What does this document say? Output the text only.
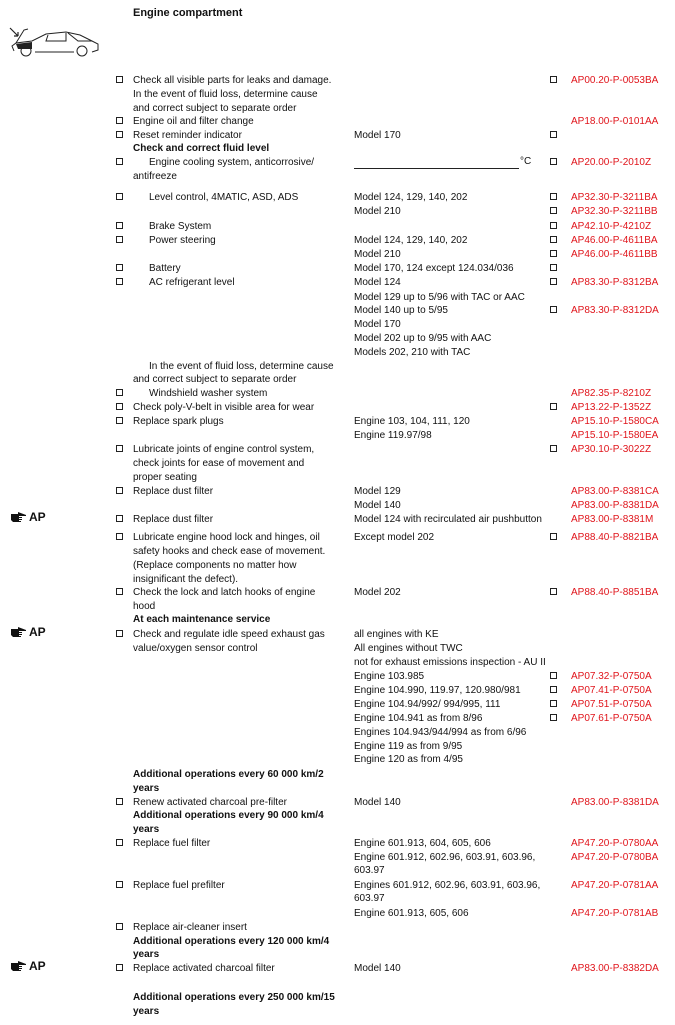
Engine compartment
Check all visible parts for leaks and damage.	AP00.20-P-0053BA
In the event of fluid loss, determine cause
and correct subject to separate order
Engine oil and filter change	AP18.00-P-0101AA
Reset reminder indicator	Model 170
Check and correct fluid level
Engine cooling system, anticorrosive/	°C	AP20.00-P-2010Z
antifreeze
Level control, 4MATIC, ASD, ADS	Model 124, 129, 140, 202	AP32.30-P-3211BA
Model 210	AP32.30-P-3211BB
Brake System	AP42.10-P-4210Z
Power steering	Model 124, 129, 140, 202	AP46.00-P-4611BA
Model 210	AP46.00-P-4611BB
Battery	Model 170, 124 except 124.034/036
AC refrigerant level	Model 124	AP83.30-P-8312BA
Model 129 up to 5/96 with TAC or AAC
Model 140 up to 5/95	AP83.30-P-8312DA
Model 170
Model 202 up to 9/95 with AAC
Models 202, 210 with TAC
In the event of fluid loss, determine cause
and correct subject to separate order
Windshield washer system	AP82.35-P-8210Z
Check poly-V-belt in visible area for wear	AP13.22-P-1352Z
Replace spark plugs	Engine 103, 104, 111, 120	AP15.10-P-1580CA
Engine 119.97/98	AP15.10-P-1580EA
Lubricate joints of engine control system,	AP30.10-P-3022Z
check joints for ease of movement and
proper seating
Replace dust filter	Model 129	AP83.00-P-8381CA
Model 140	AP83.00-P-8381DA
AP	Replace dust filter	Model 124 with recirculated air pushbutton	AP83.00-P-8381M
Lubricate engine hood lock and hinges, oil	Except model 202	AP88.40-P-8821BA
safety hooks and check ease of movement.
(Replace components no matter how
insignificant the defect).
Check the lock and latch hooks of engine	Model 202	AP88.40-P-8851BA
hood
At each maintenance service
AP	Check and regulate idle speed exhaust gas	all engines with KE
value/oxygen sensor control	All engines without TWC
not for exhaust emissions inspection - AU II
Engine 103.985	AP07.32-P-0750A
Engine 104.990, 119.97, 120.980/981	AP07.41-P-0750A
Engine 104.94/992/ 994/995, 111	AP07.51-P-0750A
Engine 104.941 as from 8/96	AP07.61-P-0750A
Engines 104.943/944/994 as from 6/96
Engine 119 as from 9/95
Engine 120 as from 4/95
Additional operations every 60 000 km/2
years
Renew activated charcoal pre-filter	Model 140	AP83.00-P-8381DA
Additional operations every 90 000 km/4
years
Replace fuel filter	Engine 601.913, 604, 605, 606	AP47.20-P-0780AA
Engine 601.912, 602.96, 603.91, 603.96,	AP47.20-P-0780BA
603.97
Replace fuel prefilter	Engines 601.912, 602.96, 603.91, 603.96,	AP47.20-P-0781AA
603.97
Engine 601.913, 605, 606	AP47.20-P-0781AB
Replace air-cleaner insert
Additional operations every 120 000 km/4
years
AP	Replace activated charcoal filter	Model 140	AP83.00-P-8382DA
Additional operations every 250 000 km/15
years
